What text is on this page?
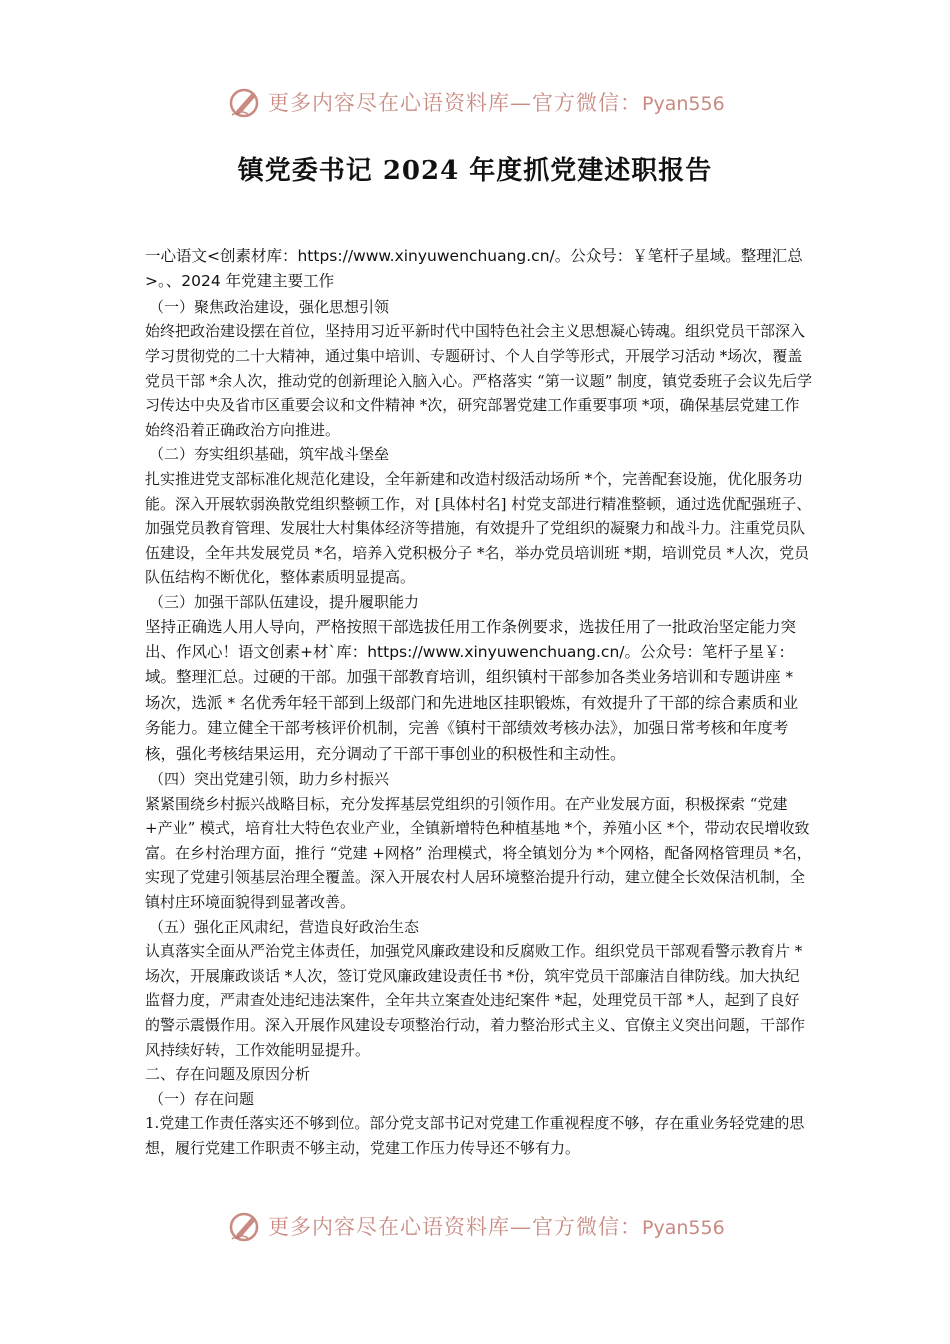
更多内容尽在心语资料库—官方微信：Pyan556
镇党委书记 2024 年度抓党建述职报告

一心语文<创素材库：https://www.xinyuwenchuang.cn/。公众号：￥笔杆子星域。整理汇总>。、2024 年党建主要工作

（一）聚焦政治建设，强化思想引领

始终把政治建设摆在首位，坚持用习近平新时代中国特色社会主义思想凝心铸魂。组织党员干部深入学习贯彻党的二十大精神，通过集中培训、专题研讨、个人自学等形式，开展学习活动 *场次，覆盖党员干部 *余人次，推动党的创新理论入脑入心。严格落实 “第一议题” 制度，镇党委班子会议先后学习传达中央及省市区重要会议和文件精神 *次，研究部署党建工作重要事项 *项，确保基层党建工作始终沿着正确政治方向推进。

（二）夯实组织基础，筑牢战斗堡垒

扎实推进党支部标准化规范化建设，全年新建和改造村级活动场所 *个，完善配套设施，优化服务功能。深入开展软弱涣散党组织整顿工作，对 [具体村名] 村党支部进行精准整顿，通过选优配强班子、加强党员教育管理、发展壮大村集体经济等措施，有效提升了党组织的凝聚力和战斗力。注重党员队伍建设，全年共发展党员 *名，培养入党积极分子 *名，举办党员培训班 *期，培训党员 *人次，党员队伍结构不断优化，整体素质明显提高。

（三）加强干部队伍建设，提升履职能力

坚持正确选人用人导向，严格按照干部选拔任用工作条例要求，选拔任用了一批政治坚定能力突出、作风心！语文创素+材`库：https://www.xinyuwenchuang.cn/。公众号：笔杆子星￥:域。整理汇总。过硬的干部。加强干部教育培训，组织镇村干部参加各类业务培训和专题讲座 * 场次，选派 * 名优秀年轻干部到上级部门和先进地区挂职锻炼，有效提升了干部的综合素质和业务能力。建立健全干部考核评价机制，完善《镇村干部绩效考核办法》，加强日常考核和年度考核，强化考核结果运用，充分调动了干部干事创业的积极性和主动性。

（四）突出党建引领，助力乡村振兴

紧紧围绕乡村振兴战略目标，充分发挥基层党组织的引领作用。在产业发展方面，积极探索 “党建 +产业” 模式，培育壮大特色农业产业，全镇新增特色种植基地 *个，养殖小区 *个，带动农民增收致富。在乡村治理方面，推行 “党建 +网格” 治理模式，将全镇划分为 *个网格，配备网格管理员 *名，实现了党建引领基层治理全覆盖。深入开展农村人居环境整治提升行动，建立健全长效保洁机制，全镇村庄环境面貌得到显著改善。

（五）强化正风肃纪，营造良好政治生态

认真落实全面从严治党主体责任，加强党风廉政建设和反腐败工作。组织党员干部观看警示教育片 *场次，开展廉政谈话 *人次，签订党风廉政建设责任书 *份，筑牢党员干部廉洁自律防线。加大执纪监督力度，严肃查处违纪违法案件，全年共立案查处违纪案件 *起，处理党员干部 *人，起到了良好的警示震慑作用。深入开展作风建设专项整治行动，着力整治形式主义、官僚主义突出问题，干部作风持续好转，工作效能明显提升。

二、存在问题及原因分析

（一）存在问题

1.党建工作责任落实还不够到位。部分党支部书记对党建工作重视程度不够，存在重业务轻党建的思想，履行党建工作职责不够主动，党建工作压力传导还不够有力。

更多内容尽在心语资料库—官方微信：Pyan556
